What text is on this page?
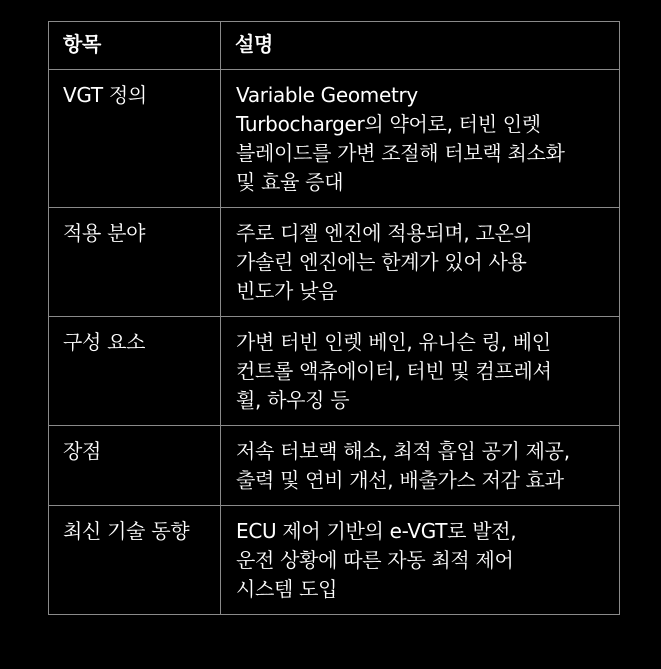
항목	설명
VGT 정의	Variable Geometry
Turbocharger의 약어로, 터빈 인렛
블레이드를 가변 조절해 터보랙 최소화
및 효율 증대

적용 분야	주로 디젤 엔진에 적용되며, 고온의
가솔린 엔진에는 한계가 있어 사용
빈도가 낮음

구성 요소	가변 터빈 인렛 베인, 유니슨 링, 베인
컨트롤 액츄에이터, 터빈 및 컴프레셔
휠, 하우징 등

장점	저속 터보랙 해소, 최적 흡입 공기 제공,
출력 및 연비 개선, 배출가스 저감 효과

최신 기술 동향	ECU 제어 기반의 e-VGT로 발전,
운전 상황에 따른 자동 최적 제어
시스템 도입
